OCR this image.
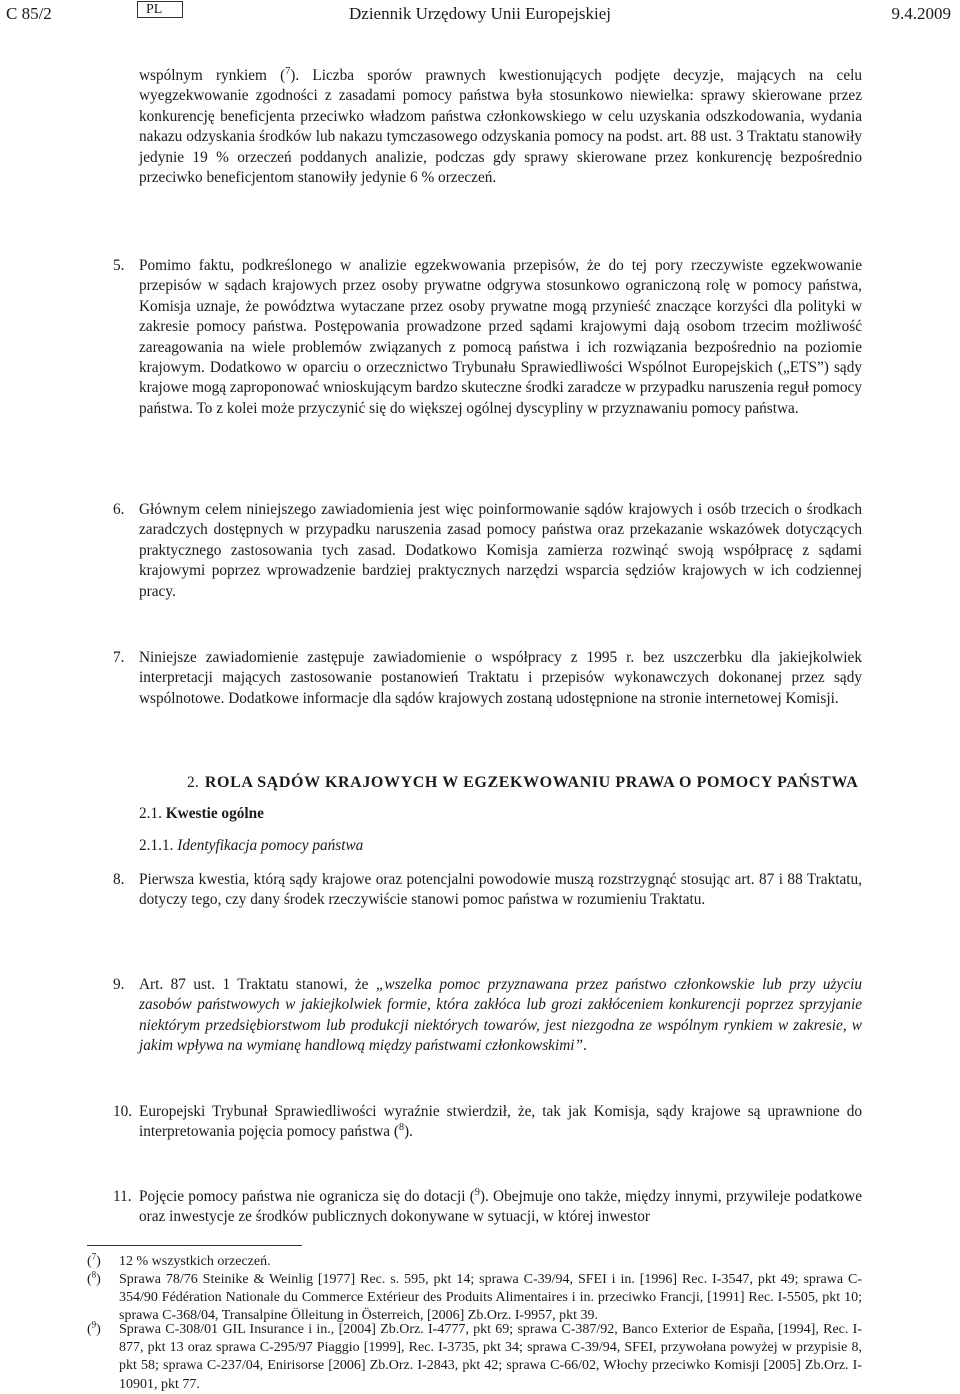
C 85/2	PL	Dziennik Urzędowy Unii Europejskiej	9.4.2009
wspólnym rynkiem ($^7$). Liczba sporów prawnych kwestionujących podjęte decyzje, mających na celu wyegzekwowanie zgodności z zasadami pomocy państwa była stosunkowo niewielka: sprawy skierowane przez konkurencję beneficjenta przeciwko władzom państwa członkowskiego w celu uzyskania odszkodowania, wydania nakazu odzyskania środków lub nakazu tymczasowego odzyskania pomocy na podst. art. 88 ust. 3 Traktatu stanowiły jedynie 19 % orzeczeń poddanych analizie, podczas gdy sprawy skierowane przez konkurencję bezpośrednio przeciwko beneficjentom stanowiły jedynie 6 % orzeczeń.
5. Pomimo faktu, podkreślonego w analizie egzekwowania przepisów, że do tej pory rzeczywiste egzekwowanie przepisów w sądach krajowych przez osoby prywatne odgrywa stosunkowo ograniczoną rolę w pomocy państwa, Komisja uznaje, że powództwa wytaczane przez osoby prywatne mogą przynieść znaczące korzyści dla polityki w zakresie pomocy państwa. Postępowania prowadzone przed sądami krajowymi dają osobom trzecim możliwość zareagowania na wiele problemów związanych z pomocą państwa i ich rozwiązania bezpośrednio na poziomie krajowym. Dodatkowo w oparciu o orzecznictwo Trybunału Sprawiedliwości Wspólnot Europejskich („ETS”) sądy krajowe mogą zaproponować wnioskującym bardzo skuteczne środki zaradcze w przypadku naruszenia reguł pomocy państwa. To z kolei może przyczynić się do większej ogólnej dyscypliny w przyznawaniu pomocy państwa.
6. Głównym celem niniejszego zawiadomienia jest więc poinformowanie sądów krajowych i osób trzecich o środkach zaradczych dostępnych w przypadku naruszenia zasad pomocy państwa oraz przekazanie wskazówek dotyczących praktycznego zastosowania tych zasad. Dodatkowo Komisja zamierza rozwinąć swoją współpracę z sądami krajowymi poprzez wprowadzenie bardziej praktycznych narzędzi wsparcia sędziów krajowych w ich codziennej pracy.
7. Niniejsze zawiadomienie zastępuje zawiadomienie o współpracy z 1995 r. bez uszczerbku dla jakiejkolwiek interpretacji mających zastosowanie postanowień Traktatu i przepisów wykonawczych dokonanej przez sądy wspólnotowe. Dodatkowe informacje dla sądów krajowych zostaną udostępnione na stronie internetowej Komisji.
2. ROLA SĄDÓW KRAJOWYCH W EGZEKWOWANIU PRAWA O POMOCY PAŃSTWA
2.1. Kwestie ogólne
2.1.1. Identyfikacja pomocy państwa
8. Pierwsza kwestia, którą sądy krajowe oraz potencjalni powodowie muszą rozstrzygnąć stosując art. 87 i 88 Traktatu, dotyczy tego, czy dany środek rzeczywiście stanowi pomoc państwa w rozumieniu Traktatu.
9. Art. 87 ust. 1 Traktatu stanowi, że „wszelka pomoc przyznawana przez państwo członkowskie lub przy użyciu zasobów państwowych w jakiejkolwiek formie, która zakłóca lub grozi zakłóceniem konkurencji poprzez sprzyjanie niektórym przedsiębiorstwom lub produkcji niektórych towarów, jest niezgodna ze wspólnym rynkiem w zakresie, w jakim wpływa na wymianę handlową między państwami członkowskimi”.
10. Europejski Trybunał Sprawiedliwości wyraźnie stwierdził, że, tak jak Komisja, sądy krajowe są uprawnione do interpretowania pojęcia pomocy państwa ($^8$).
11. Pojęcie pomocy państwa nie ogranicza się do dotacji ($^9$). Obejmuje ono także, między innymi, przywileje podatkowe oraz inwestycje ze środków publicznych dokonywane w sytuacji, w której inwestor
($^7$) 12 % wszystkich orzeczeń.
($^8$) Sprawa 78/76 Steinike & Weinlig [1977] Rec. s. 595, pkt 14; sprawa C-39/94, SFEI i in. [1996] Rec. I-3547, pkt 49; sprawa C-354/90 Fédération Nationale du Commerce Extérieur des Produits Alimentaires i in. przeciwko Francji, [1991] Rec. I-5505, pkt 10; sprawa C-368/04, Transalpine Ölleitung in Österreich, [2006] Zb.Orz. I-9957, pkt 39.
($^9$) Sprawa C-308/01 GIL Insurance i in., [2004] Zb.Orz. I-4777, pkt 69; sprawa C-387/92, Banco Exterior de España, [1994], Rec. I-877, pkt 13 oraz sprawa C-295/97 Piaggio [1999], Rec. I-3735, pkt 34; sprawa C-39/94, SFEI, przywołana powyżej w przypisie 8, pkt 58; sprawa C-237/04, Enirisorse [2006] Zb.Orz. I-2843, pkt 42; sprawa C-66/02, Włochy przeciwko Komisji [2005] Zb.Orz. I-10901, pkt 77.
